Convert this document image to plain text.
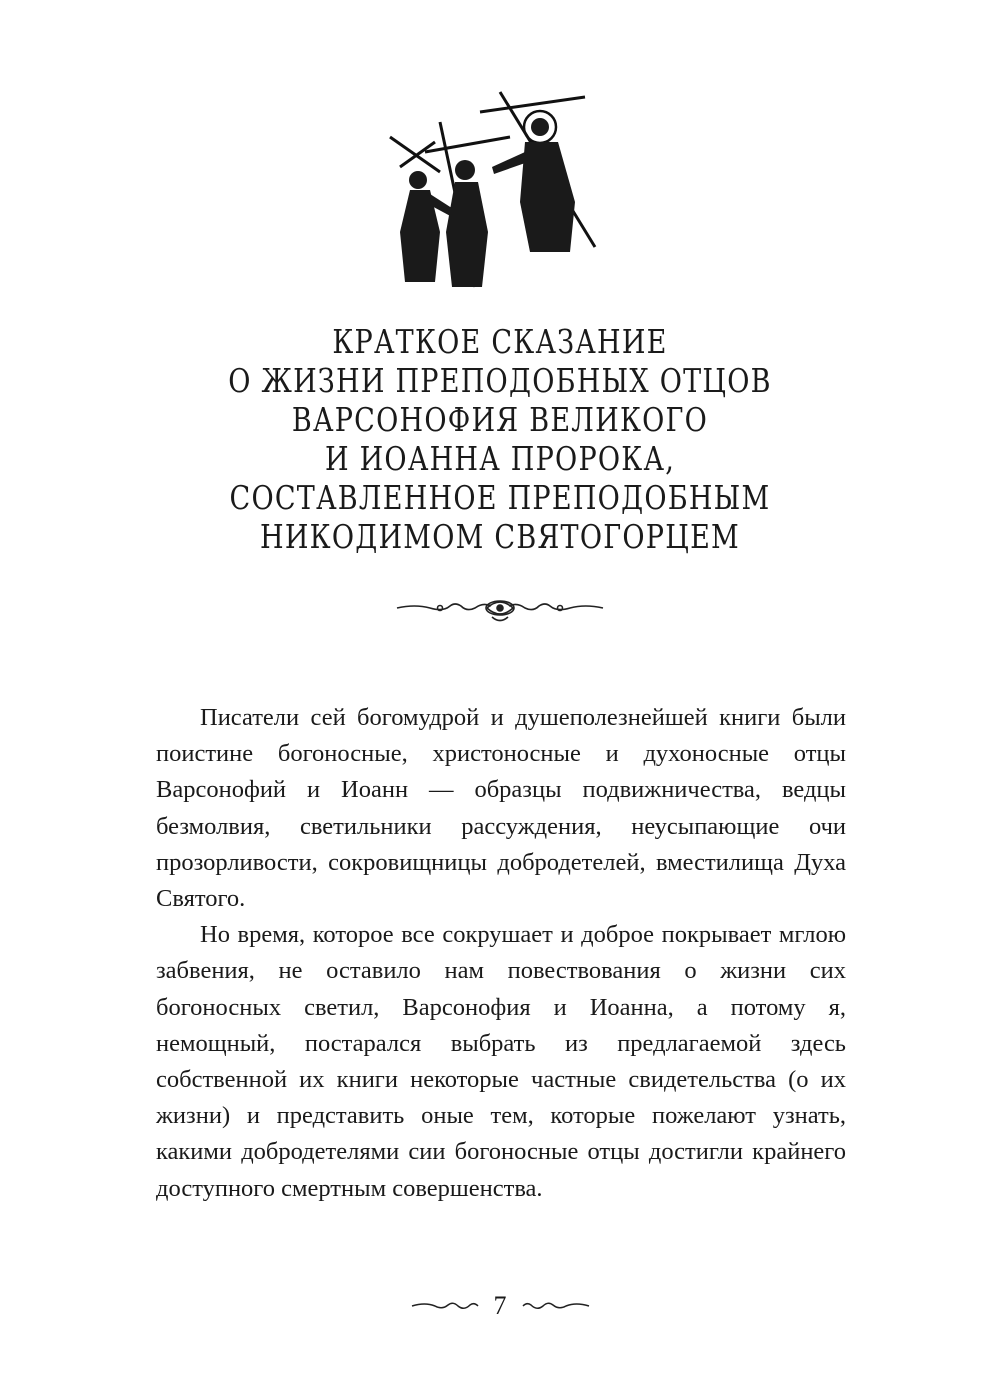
КРАТКОЕ СКАЗАНИЕ
О ЖИЗНИ ПРЕПОДОБНЫХ ОТЦОВ
ВАРСОНОФИЯ ВЕЛИКОГО
И ИОАННА ПРОРОКА,
СОСТАВЛЕННОЕ ПРЕПОДОБНЫМ
НИКОДИМОМ СВЯТОГОРЦЕМ

Писатели сей богомудрой и душеполезнейшей книги были поистине богоносные, христоносные и духоносные отцы Варсонофий и Иоанн — образцы подвижничества, ведцы безмолвия, светильники рассуждения, неусыпающие очи прозорливости, сокровищницы добродетелей, вместилища Духа Святого.

Но время, которое все сокрушает и доброе покрывает мглою забвения, не оставило нам повествования о жизни сих богоносных светил, Варсонофия и Иоанна, а потому я, немощный, постарался выбрать из предлагаемой здесь собственной их книги некоторые частные свидетельства (о их жизни) и представить оные тем, которые пожелают узнать, какими добродетелями сии богоносные отцы достигли крайнего доступного смертным совершенства.

7
